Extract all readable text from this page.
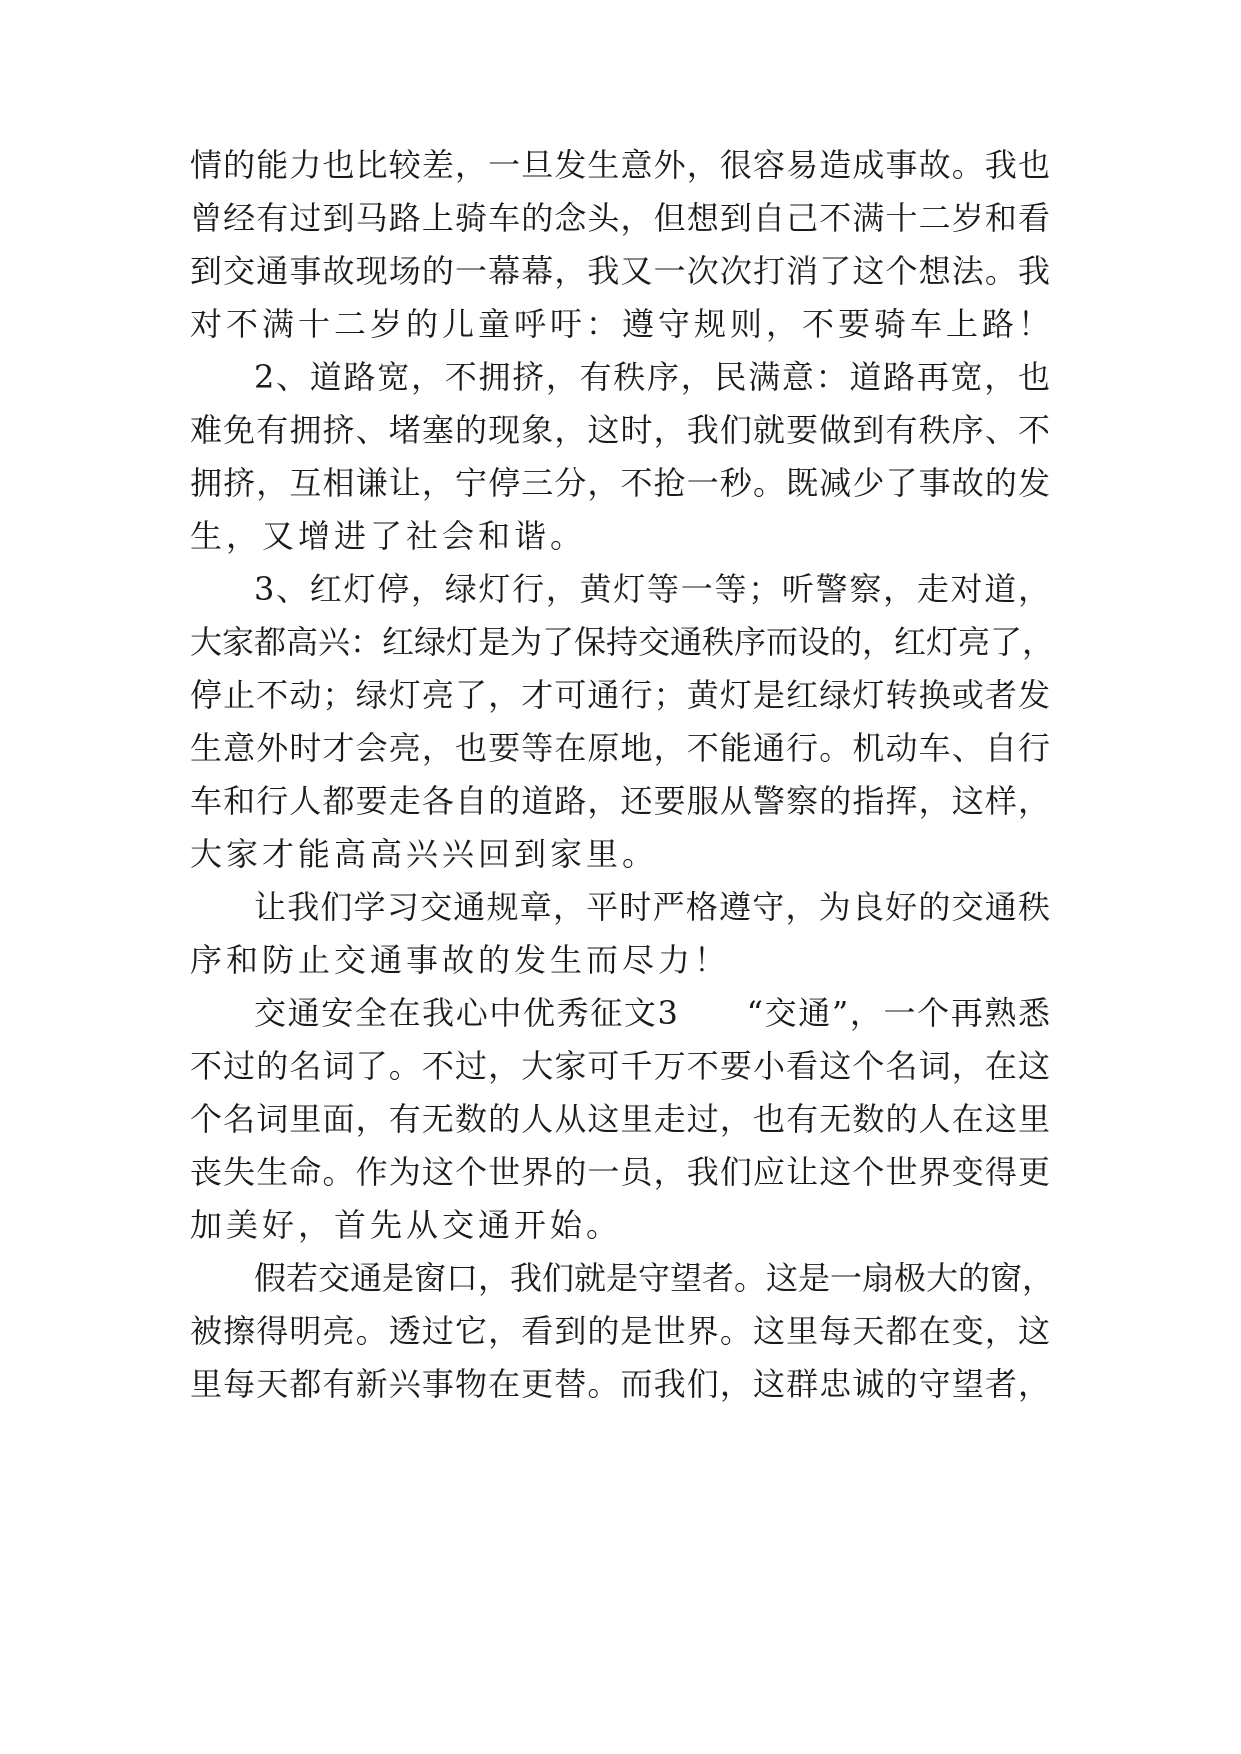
情的能力也比较差，一旦发生意外，很容易造成事故。我也
曾经有过到马路上骑车的念头，但想到自己不满十二岁和看
到交通事故现场的一幕幕，我又一次次打消了这个想法。我
对不满十二岁的儿童呼吁：遵守规则，不要骑车上路！
2、道路宽，不拥挤，有秩序，民满意：道路再宽，也
难免有拥挤、堵塞的现象，这时，我们就要做到有秩序、不
拥挤，互相谦让，宁停三分，不抢一秒。既减少了事故的发
生，又增进了社会和谐。
3、红灯停，绿灯行，黄灯等一等；听警察，走对道，
大家都高兴：红绿灯是为了保持交通秩序而设的，红灯亮了，
停止不动；绿灯亮了，才可通行；黄灯是红绿灯转换或者发
生意外时才会亮，也要等在原地，不能通行。机动车、自行
车和行人都要走各自的道路，还要服从警察的指挥，这样，
大家才能高高兴兴回到家里。
让我们学习交通规章，平时严格遵守，为良好的交通秩
序和防止交通事故的发生而尽力！
交通安全在我心中优秀征文3　　“交通”，一个再熟悉
不过的名词了。不过，大家可千万不要小看这个名词，在这
个名词里面，有无数的人从这里走过，也有无数的人在这里
丧失生命。作为这个世界的一员，我们应让这个世界变得更
加美好，首先从交通开始。
假若交通是窗口，我们就是守望者。这是一扇极大的窗，
被擦得明亮。透过它，看到的是世界。这里每天都在变，这
里每天都有新兴事物在更替。而我们，这群忠诚的守望者，
